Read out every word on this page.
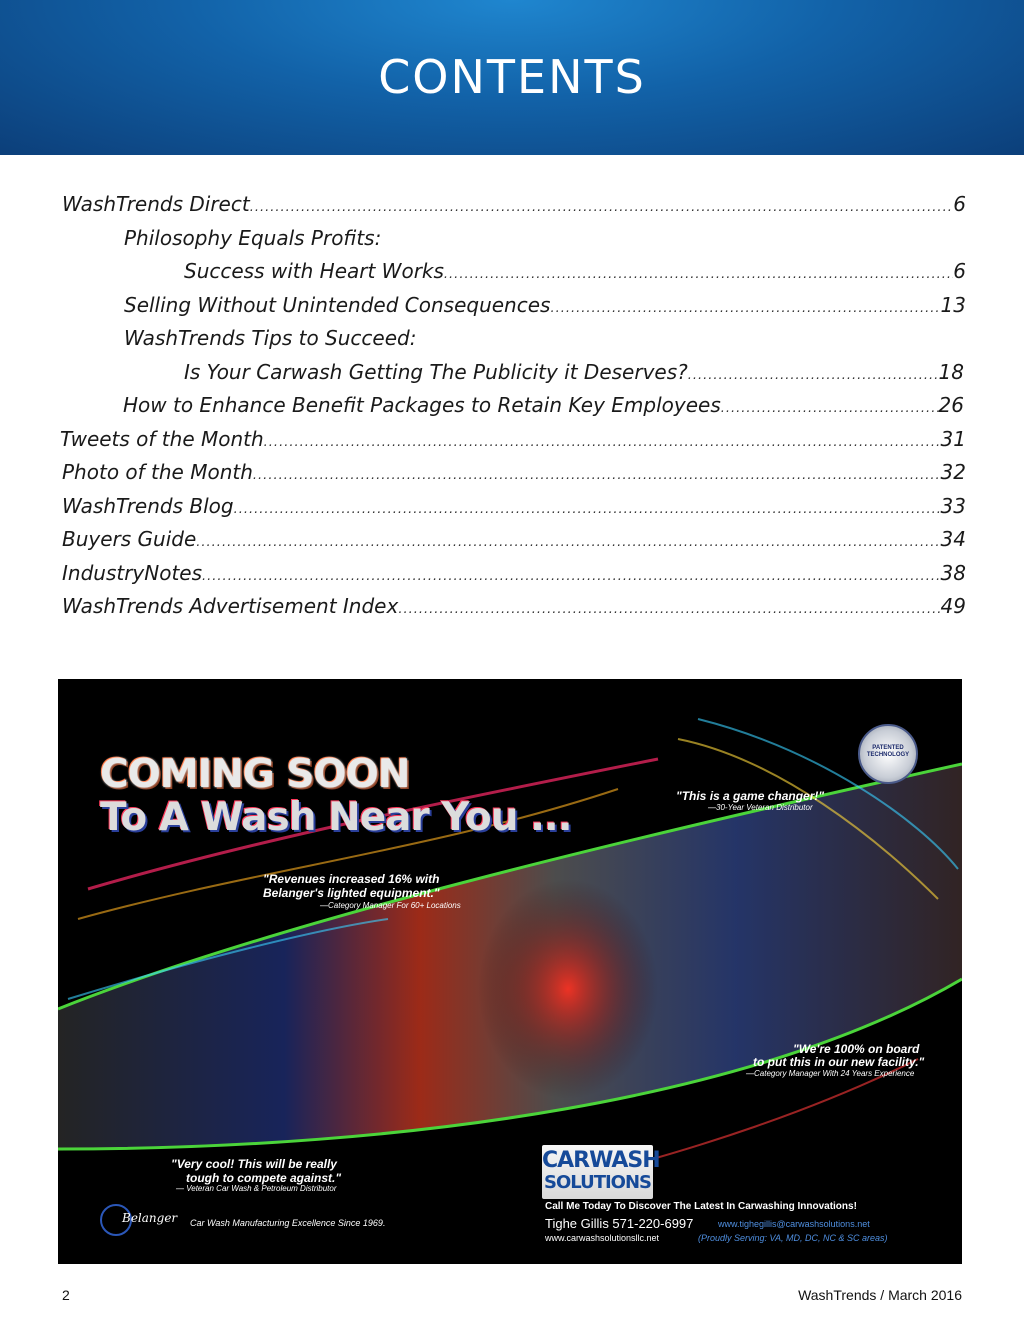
CONTENTS
WashTrends Direct .....	6
Philosophy Equals Profits:
Success with Heart Works .....	6
Selling Without Unintended Consequences .....	13
WashTrends Tips to Succeed:
Is Your Carwash Getting The Publicity it Deserves? .....	18
How to Enhance Benefit Packages to Retain Key Employees .....	26
Tweets of the Month .....	31
Photo of the Month .....	32
WashTrends Blog .....	33
Buyers Guide .....	34
IndustryNotes .....	38
WashTrends Advertisement Index .....	49
COMING SOON
To A Wash Near You ...
PATENTED TECHNOLOGY
"This is a game changer!"
—30-Year Veteran Distributor
"Revenues increased 16% with
Belanger's lighted equipment."
—Category Manager For 60+ Locations
"We're 100% on board
to put this in our new facility."
—Category Manager With 24 Years Experience
"Very cool! This will be really
tough to compete against."
— Veteran Car Wash & Petroleum Distributor
Belanger Car Wash Manufacturing Excellence Since 1969.
Call Me Today To Discover The Latest In Carwashing Innovations!
Tighe Gillis 571-220-6997	www.tighegillis@carwashsolutions.net
www.carwashsolutionsllc.net	(Proudly Serving: VA, MD, DC, NC & SC areas)
CARWASH
SOLUTIONS
2	WashTrends / March 2016
